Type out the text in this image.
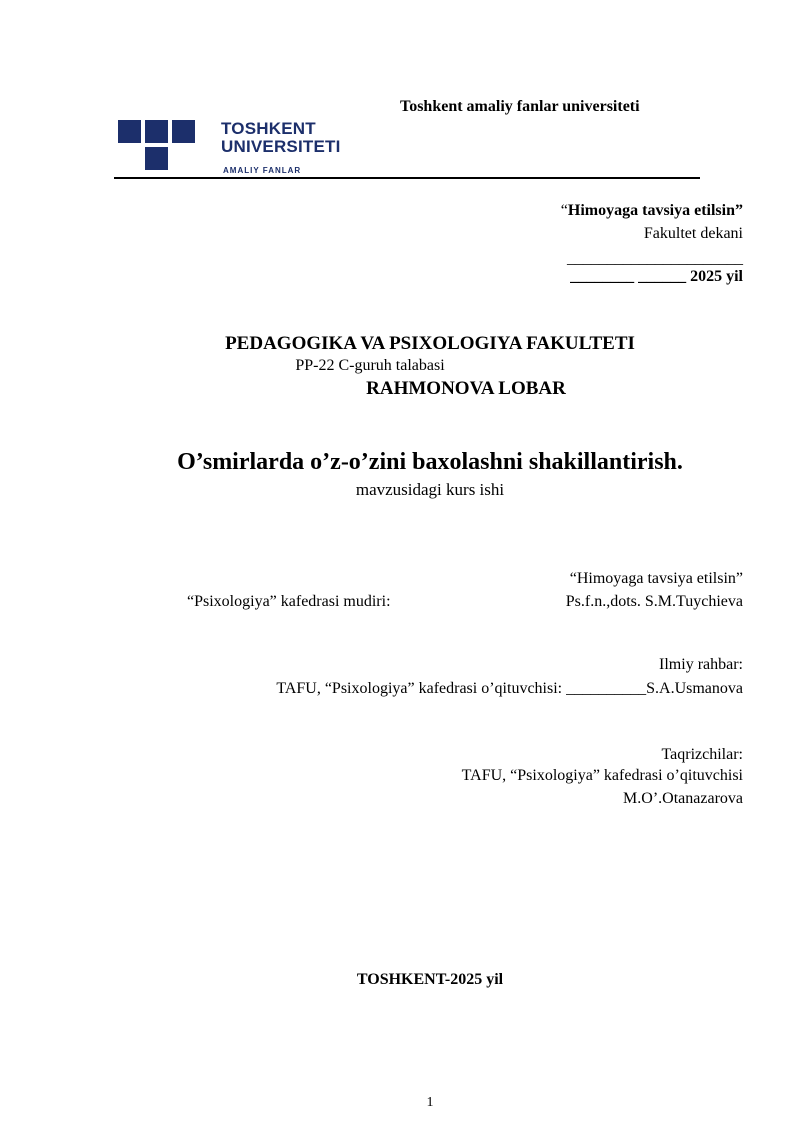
Toshkent amaliy fanlar universiteti
TOSHKENT
UNIVERSITETI
AMALIY FANLAR
“Himoyaga tavsiya etilsin”
Fakultet dekani
______________________
________ ______ 2025 yil
PEDAGOGIKA VA PSIXOLOGIYA FAKULTETI
PP-22 C-guruh talabasi
RAHMONOVA LOBAR
O’smirlarda o’z-o’zini baxolashni shakillantirish.
mavzusidagi kurs ishi
“Himoyaga tavsiya etilsin”
“Psixologiya” kafedrasi mudiri:	Ps.f.n.,dots. S.M.Tuychieva
Ilmiy rahbar:
TAFU, “Psixologiya” kafedrasi o’qituvchisi: __________S.A.Usmanova
Taqrizchilar:
TAFU, “Psixologiya” kafedrasi o’qituvchisi
M.O’.Otanazarova
TOSHKENT-2025 yil
1
